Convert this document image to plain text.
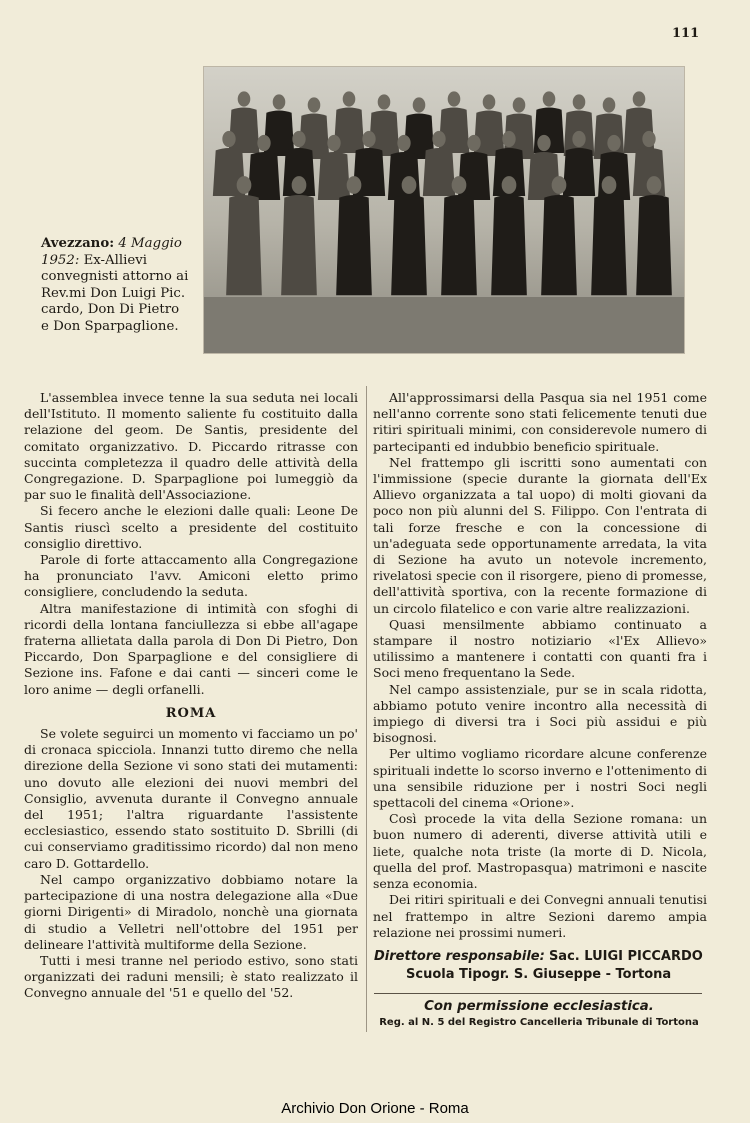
111
Avezzano: 4 Maggio 1952: Ex-Allievi convegnisti attorno ai Rev.mi Don Luigi Pic. cardo, Don Di Pietro e Don Sparpaglione.

L'assemblea invece tenne la sua seduta nei locali dell'Istituto. Il momento saliente fu costituito dalla relazione del geom. De Santis, presidente del comitato organizzativo. D. Piccardo ritrasse con succinta completezza il quadro delle attività della Congregazione. D. Sparpaglione poi lumeggiò da par suo le finalità dell'Associazione.

Si fecero anche le elezioni dalle quali: Leone De Santis riuscì scelto a presidente del costituito consiglio direttivo.

Parole di forte attaccamento alla Congregazione ha pronunciato l'avv. Amiconi eletto primo consigliere, concludendo la seduta.

Altra manifestazione di intimità con sfoghi di ricordi della lontana fanciullezza si ebbe all'agape fraterna allietata dalla parola di Don Di Pietro, Don Piccardo, Don Sparpaglione e del consigliere di Sezione ins. Fafone e dai canti — sinceri come le loro anime — degli orfanelli.

ROMA

Se volete seguirci un momento vi facciamo un po' di cronaca spicciola. Innanzi tutto diremo che nella direzione della Sezione vi sono stati dei mutamenti: uno dovuto alle elezioni dei nuovi membri del Consiglio, avvenuta durante il Convegno annuale del 1951; l'altra riguardante l'assistente ecclesiastico, essendo stato sostituito D. Sbrilli (di cui conserviamo graditissimo ricordo) dal non meno caro D. Gottardello.

Nel campo organizzativo dobbiamo notare la partecipazione di una nostra delegazione alla «Due giorni Dirigenti» di Miradolo, nonchè una giornata di studio a Velletri nell'ottobre del 1951 per delineare l'attività multiforme della Sezione.

Tutti i mesi tranne nel periodo estivo, sono stati organizzati dei raduni mensili; è stato realizzato il Convegno annuale del '51 e quello del '52.

All'approssimarsi della Pasqua sia nel 1951 come nell'anno corrente sono stati felicemente tenuti due ritiri spirituali minimi, con considerevole numero di partecipanti ed indubbio beneficio spirituale.

Nel frattempo gli iscritti sono aumentati con l'immissione (specie durante la giornata dell'Ex Allievo organizzata a tal uopo) di molti giovani da poco non più alunni del S. Filippo. Con l'entrata di tali forze fresche e con la concessione di un'adeguata sede opportunamente arredata, la vita di Sezione ha avuto un notevole incremento, rivelatosi specie con il risorgere, pieno di promesse, dell'attività sportiva, con la recente formazione di un circolo filatelico e con varie altre realizzazioni.

Quasi mensilmente abbiamo continuato a stampare il nostro notiziario «l'Ex Allievo» utilissimo a mantenere i contatti con quanti fra i Soci meno frequentano la Sede.

Nel campo assistenziale, pur se in scala ridotta, abbiamo potuto venire incontro alla necessità di impiego di diversi tra i Soci più assidui e più bisognosi.

Per ultimo vogliamo ricordare alcune conferenze spirituali indette lo scorso inverno e l'ottenimento di una sensibile riduzione per i nostri Soci negli spettacoli del cinema «Orione».

Così procede la vita della Sezione romana: un buon numero di aderenti, diverse attività utili e liete, qualche nota triste (la morte di D. Nicola, quella del prof. Mastropasqua) matrimoni e nascite senza economia.

Dei ritiri spirituali e dei Convegni annuali tenutisi nel frattempo in altre Sezioni daremo ampia relazione nei prossimi numeri.

Direttore responsabile: Sac. LUIGI PICCARDO
Scuola Tipogr. S. Giuseppe - Tortona
Con permissione ecclesiastica.
Reg. al N. 5 del Registro Cancelleria Tribunale di Tortona
Archivio Don Orione - Roma
